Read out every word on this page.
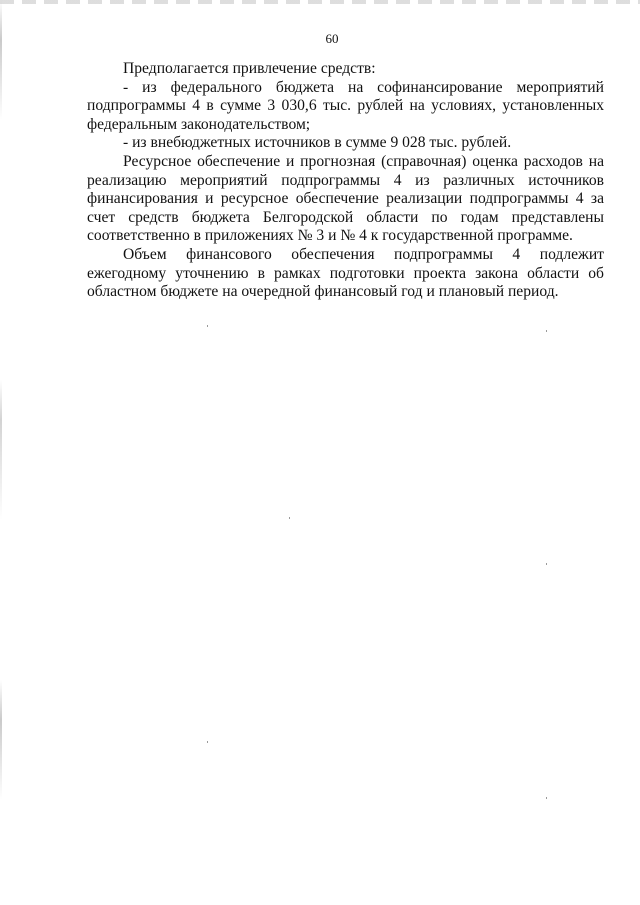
60

Предполагается привлечение средств:

- из федерального бюджета на софинансирование мероприятий подпрограммы 4 в сумме 3 030,6 тыс. рублей на условиях, установленных федеральным законодательством;

- из внебюджетных источников в сумме 9 028 тыс. рублей.

Ресурсное обеспечение и прогнозная (справочная) оценка расходов на реализацию мероприятий подпрограммы 4 из различных источников финансирования и ресурсное обеспечение реализации подпрограммы 4 за счет средств бюджета Белгородской области по годам представлены соответственно в приложениях № 3 и № 4 к государственной программе.

Объем финансового обеспечения подпрограммы 4 подлежит ежегодному уточнению в рамках подготовки проекта закона области об областном бюджете на очередной финансовый год и плановый период.
